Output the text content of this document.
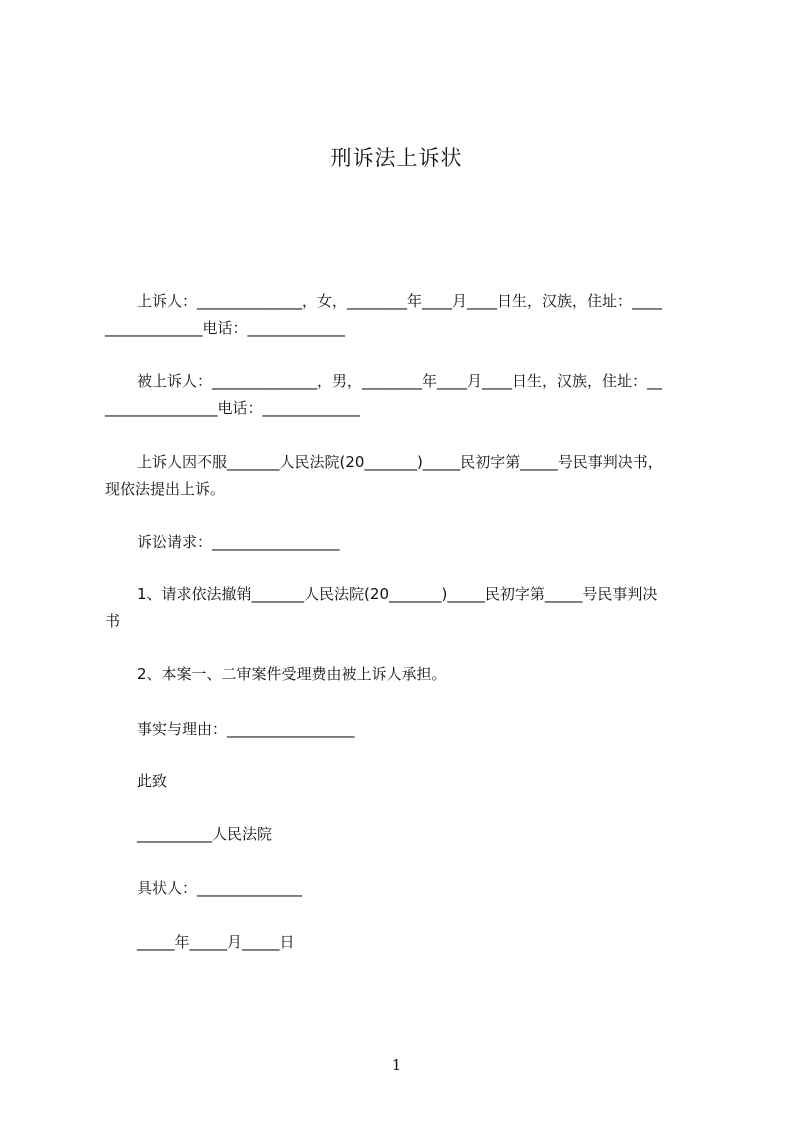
刑诉法上诉状
上诉人：______________，女，________年____月____日生，汉族，住址：____
_____________电话：_____________
被上诉人：______________，男，________年____月____日生，汉族，住址：__
_______________电话：_____________
上诉人因不服_______人民法院(20_______)_____民初字第_____号民事判决书，
现依法提出上诉。
诉讼请求：_________________
1、请求依法撤销_______人民法院(20_______)_____民初字第_____号民事判决
书
2、本案一、二审案件受理费由被上诉人承担。
事实与理由：_________________
此致
__________人民法院
具状人：______________
_____年_____月_____日
1
